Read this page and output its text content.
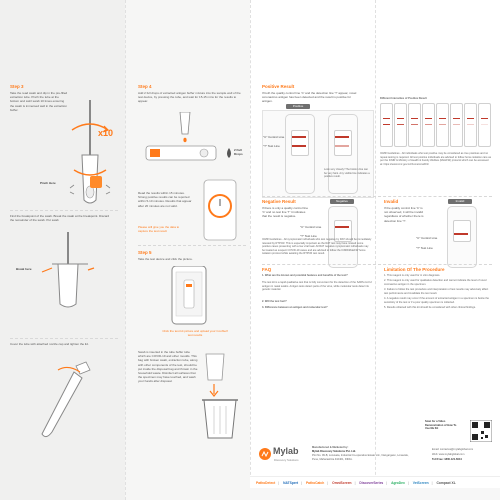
Step 3
Take the read swab and dip in the pre-filled extraction tube. Pinch the tube at the bottom and swirl swab 10 times ensuring the swab is immersed well in the extraction buffer.
x10
Pinch Here
Find the breakpoint of the swab. Break the swab at the breakpoint. Discard the remainder of the swab. Put swab
Break here
Cover the tube with attached nozzle cap and tighten the lid.
Step 4
Add 2 full drops of extracted antigen buffer mixture into the sample well of the test device, by pressing the tube, and wait for 15-15 mins for the results to appear.
2 Full Drops
Read the results within 15 minutes. Strong positive results can be reported within 5-10 minutes. Results that appear after 20 minutes are not valid.
Please will give you the data to capture the test result
Step 5
Take the test device and click the picture.
Click the test kit picture and upload your CoviSelf test results
Swab is inserted in the tube buffer tube which are COVID-19 and other moulds. This bag with broken swab, extraction tube, along with other components of the test, should be put inside the disposal bag and thrown in the household waste. Disinfect all surfaces that the specimen may have touched, and wash your hands after disposal.
Positive Result
If both the quality control line 'C' and the detection line 'T' appear, novel coronavirus antigen has been detected and the result is positive for antigen.
Positive
"C" Control Line
"T" Test Line
Look very closely! The bottom line can be very faint. Any visible line indicates a positive result.
Different Intensities of Positive Result
ICMR Guidelines - All individuals who test positive may be considered as true positives and no repeat testing is required. All test positive individuals are advised to follow home isolation care as per the ICMR & Ministry of Health & Family Welfare (MoHFW) protocol which can be accessed at: https://www.icmr.gov.in/chome/covid19/
Negative Result
If there is only a quality control line 'C' and no test line 'T' it indicates that the result is negative.
Negative
"C" Control Line
"T" Test Line
ICMR Guidelines - All symptomatic individuals who test negative by RAT should be immediately retested by RTPCR. This is especially important as the RAT test may have missed some positive cases presenting with a low viral load. All RAT negative symptomatic individuals may be treated as suspect COVID-19 cases and are advised to follow the ICMR/MoHFW home isolation protocol while awaiting the RTPCR test result.
Invalid
If the quality control line 'C' is not observed, it will be invalid regardless of whether there is detection line 'T'.
Invalid
"C" Control Line
"T" Test Line
FAQ
1. What are the known and potential features and benefits of the test?
The test kit is a rapid qualitative test that is fully convenient for the detection of the SARS-CoV-2 antigen in nasal swabs. Antigen tests detect parts of the virus, while molecular tests detect its genetic material.
2. Will the test hurt?
3. Difference between an antigen and molecular test?
Limitation Of The Procedure
1. This reagent is only used for in vitro diagnosis.
2. This reagent is only used for qualitative detection and cannot indicate the level of novel coronavirus antigen in the specimen.
3. Failure to follow the test procedure and interpretation of test results may adversely affect test performance and invalidate the test result.
4. A negative result may occur if the amount of extracted antigen in a specimen is below the sensitivity of the test or if a poor quality specimen is collected.
5. Results obtained with this kit should be considered with other clinical findings.
Scan for a Video Demonstration of How To Use Me Kit
Mylab
Discovery Solutions
Manufactured & Marketed by:
Mylab Discovery Solutions Pvt. Ltd.
Plot No. 99-B, Lonavala, Industrial Co-operative Estate Ltd., Nangargaon, Lonavala, Pune, Maharashtra 410401, INDIA.
Email: contactus@mylabglobal.com
Web: www.mylabglobal.com
Toll Free: 1800-121-6044
PathoDetect | NATSpert | PathoCatch | OmniScreen | DiscoverSeries | AgroDex | VetScreen | Compact XL
